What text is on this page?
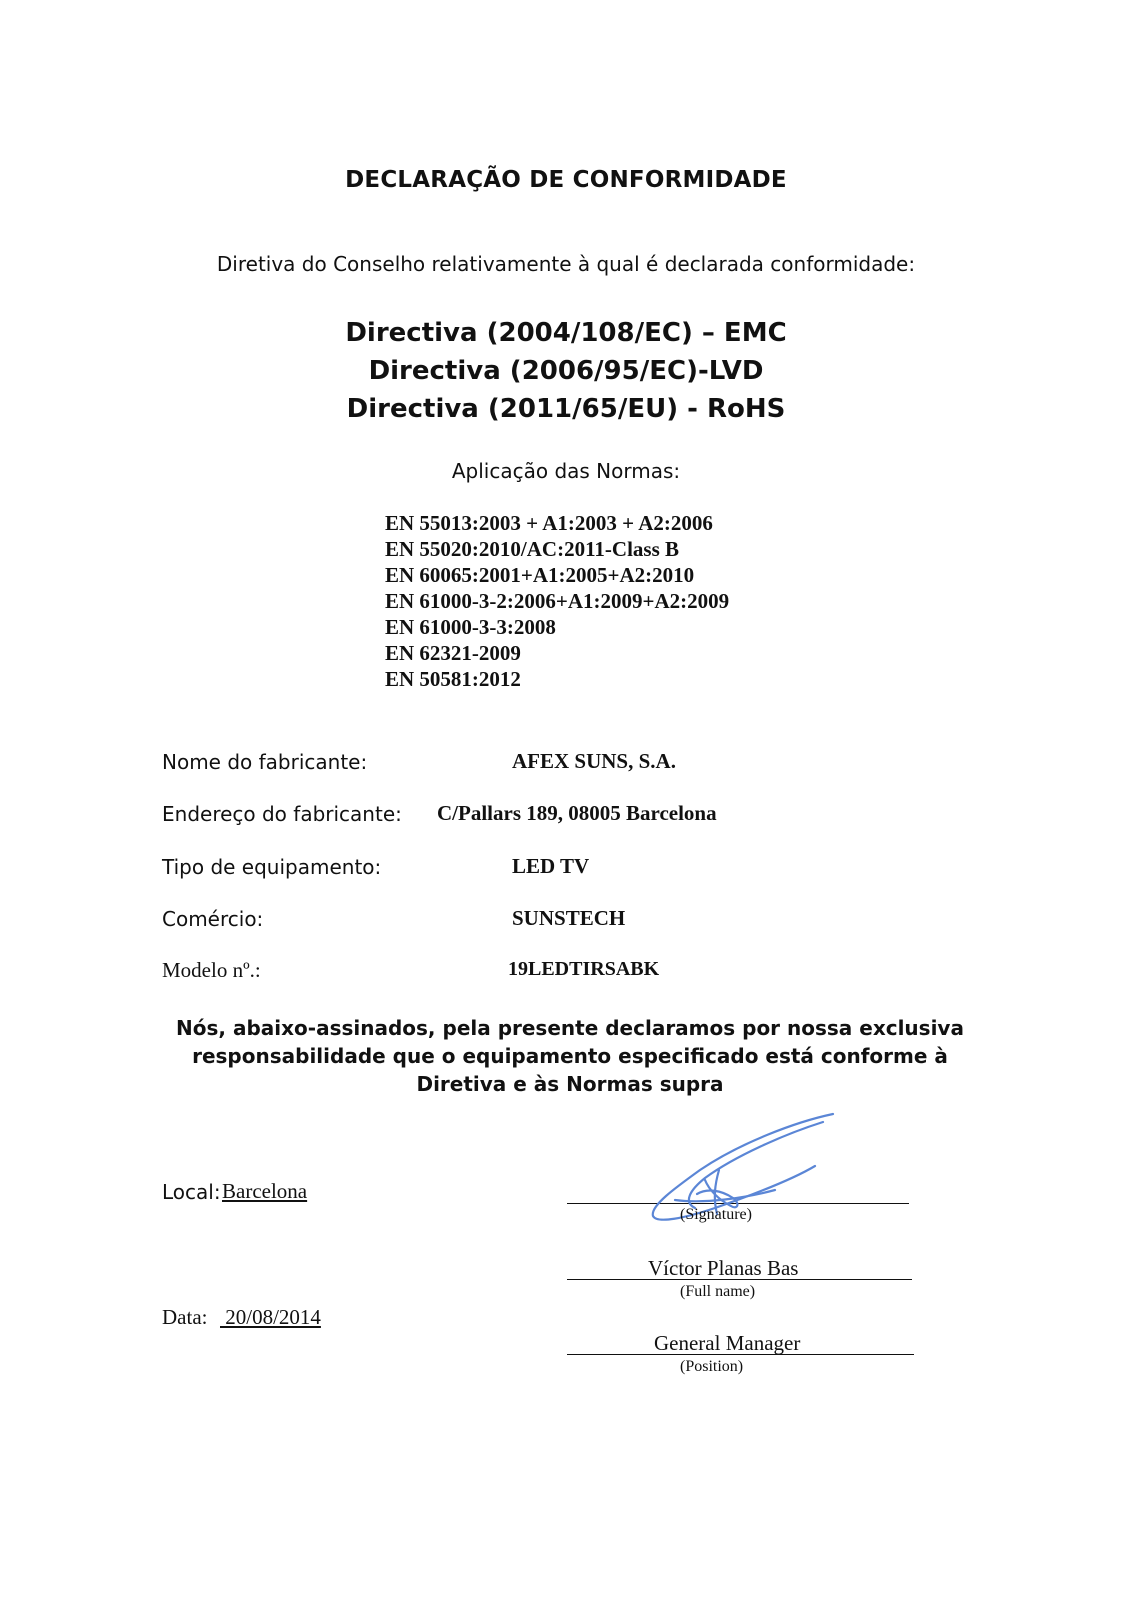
DECLARAÇÃO DE CONFORMIDADE
Diretiva do Conselho relativamente à qual é declarada conformidade:
Directiva (2004/108/EC) – EMC
Directiva (2006/95/EC)-LVD
Directiva (2011/65/EU) - RoHS
Aplicação das Normas:
EN 55013:2003 + A1:2003 + A2:2006
EN 55020:2010/AC:2011-Class B
EN 60065:2001+A1:2005+A2:2010
EN 61000-3-2:2006+A1:2009+A2:2009
EN 61000-3-3:2008
EN 62321-2009
EN 50581:2012
Nome do fabricante:	AFEX SUNS, S.A.
Endereço do fabricante: C/Pallars 189, 08005 Barcelona
Tipo de equipamento:	LED TV
Comércio:	SUNSTECH
Modelo nº.:	19LEDTIRSABK
Nós, abaixo-assinados, pela presente declaramos por nossa exclusiva responsabilidade que o equipamento especificado está conforme à Diretiva e às Normas supra
Local: Barcelona
(Signature)
Víctor Planas Bas
(Full name)
Data: 20/08/2014
General Manager
(Position)
